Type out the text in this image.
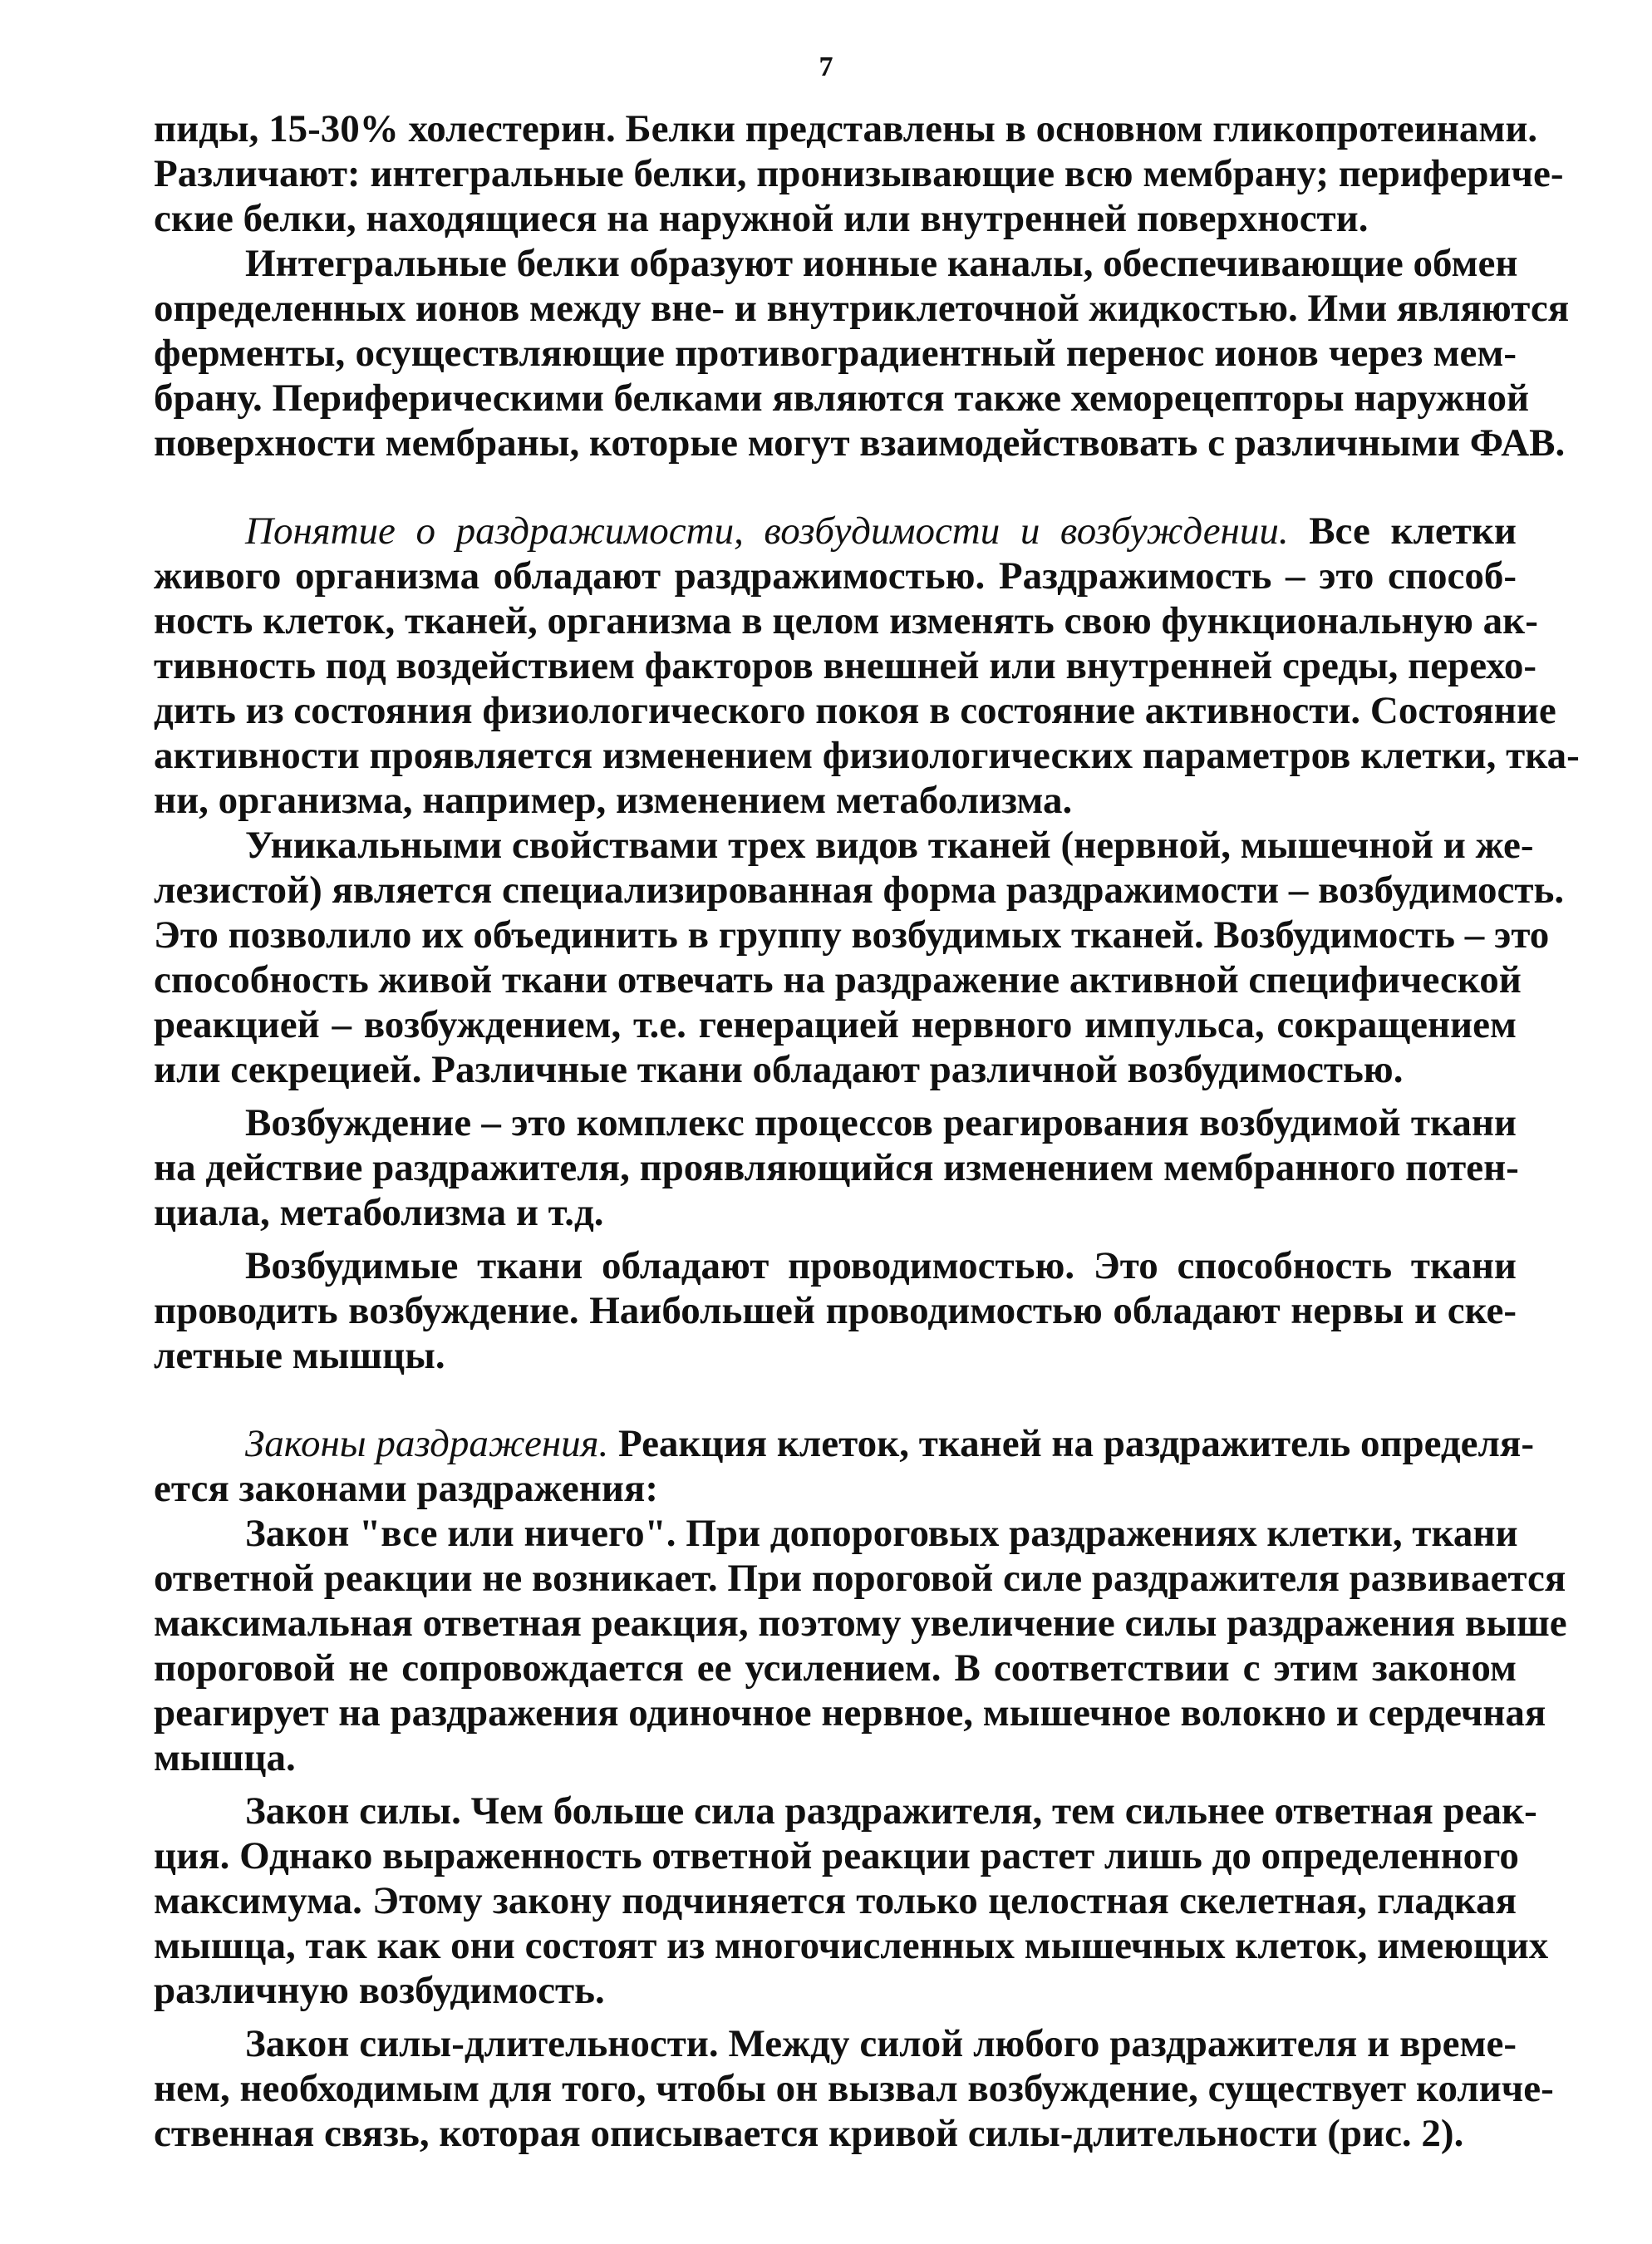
7
пиды, 15-30% холестерин. Белки представлены в основном гликопротеинами.
Различают: интегральные белки, пронизывающие всю мембрану; перифериче-
ские белки, находящиеся на наружной или внутренней поверхности.
Интегральные белки образуют ионные каналы, обеспечивающие обмен
определенных ионов между вне- и внутриклеточной жидкостью. Ими являются
ферменты, осуществляющие противоградиентный перенос ионов через мем-
брану. Периферическими белками являются также хеморецепторы наружной
поверхности мембраны, которые могут взаимодействовать с различными ФАВ.
Понятие о раздражимости, возбудимости и возбуждении. Все клетки
живого организма обладают раздражимостью. Раздражимость – это способ-
ность клеток, тканей, организма в целом изменять свою функциональную ак-
тивность под воздействием факторов внешней или внутренней среды, перехо-
дить из состояния физиологического покоя в состояние активности. Состояние
активности проявляется изменением физиологических параметров клетки, тка-
ни, организма, например, изменением метаболизма.
Уникальными свойствами трех видов тканей (нервной, мышечной и же-
лезистой) является специализированная форма раздражимости – возбудимость.
Это позволило их объединить в группу возбудимых тканей. Возбудимость – это
способность живой ткани отвечать на раздражение активной специфической
реакцией – возбуждением, т.е. генерацией нервного импульса, сокращением
или секрецией. Различные ткани обладают различной возбудимостью.
Возбуждение – это комплекс процессов реагирования возбудимой ткани
на действие раздражителя, проявляющийся изменением мембранного потен-
циала, метаболизма и т.д.
Возбудимые ткани обладают проводимостью. Это способность ткани
проводить возбуждение. Наибольшей проводимостью обладают нервы и ске-
летные мышцы.
Законы раздражения. Реакция клеток, тканей на раздражитель определя-
ется законами раздражения:
Закон "все или ничего". При допороговых раздражениях клетки, ткани
ответной реакции не возникает. При пороговой силе раздражителя развивается
максимальная ответная реакция, поэтому увеличение силы раздражения выше
пороговой не сопровождается ее усилением. В соответствии с этим законом
реагирует на раздражения одиночное нервное, мышечное волокно и сердечная
мышца.
Закон силы. Чем больше сила раздражителя, тем сильнее ответная реак-
ция. Однако выраженность ответной реакции растет лишь до определенного
максимума. Этому закону подчиняется только целостная скелетная, гладкая
мышца, так как они состоят из многочисленных мышечных клеток, имеющих
различную возбудимость.
Закон силы-длительности. Между силой любого раздражителя и време-
нем, необходимым для того, чтобы он вызвал возбуждение, существует количе-
ственная связь, которая описывается кривой силы-длительности (рис. 2).
